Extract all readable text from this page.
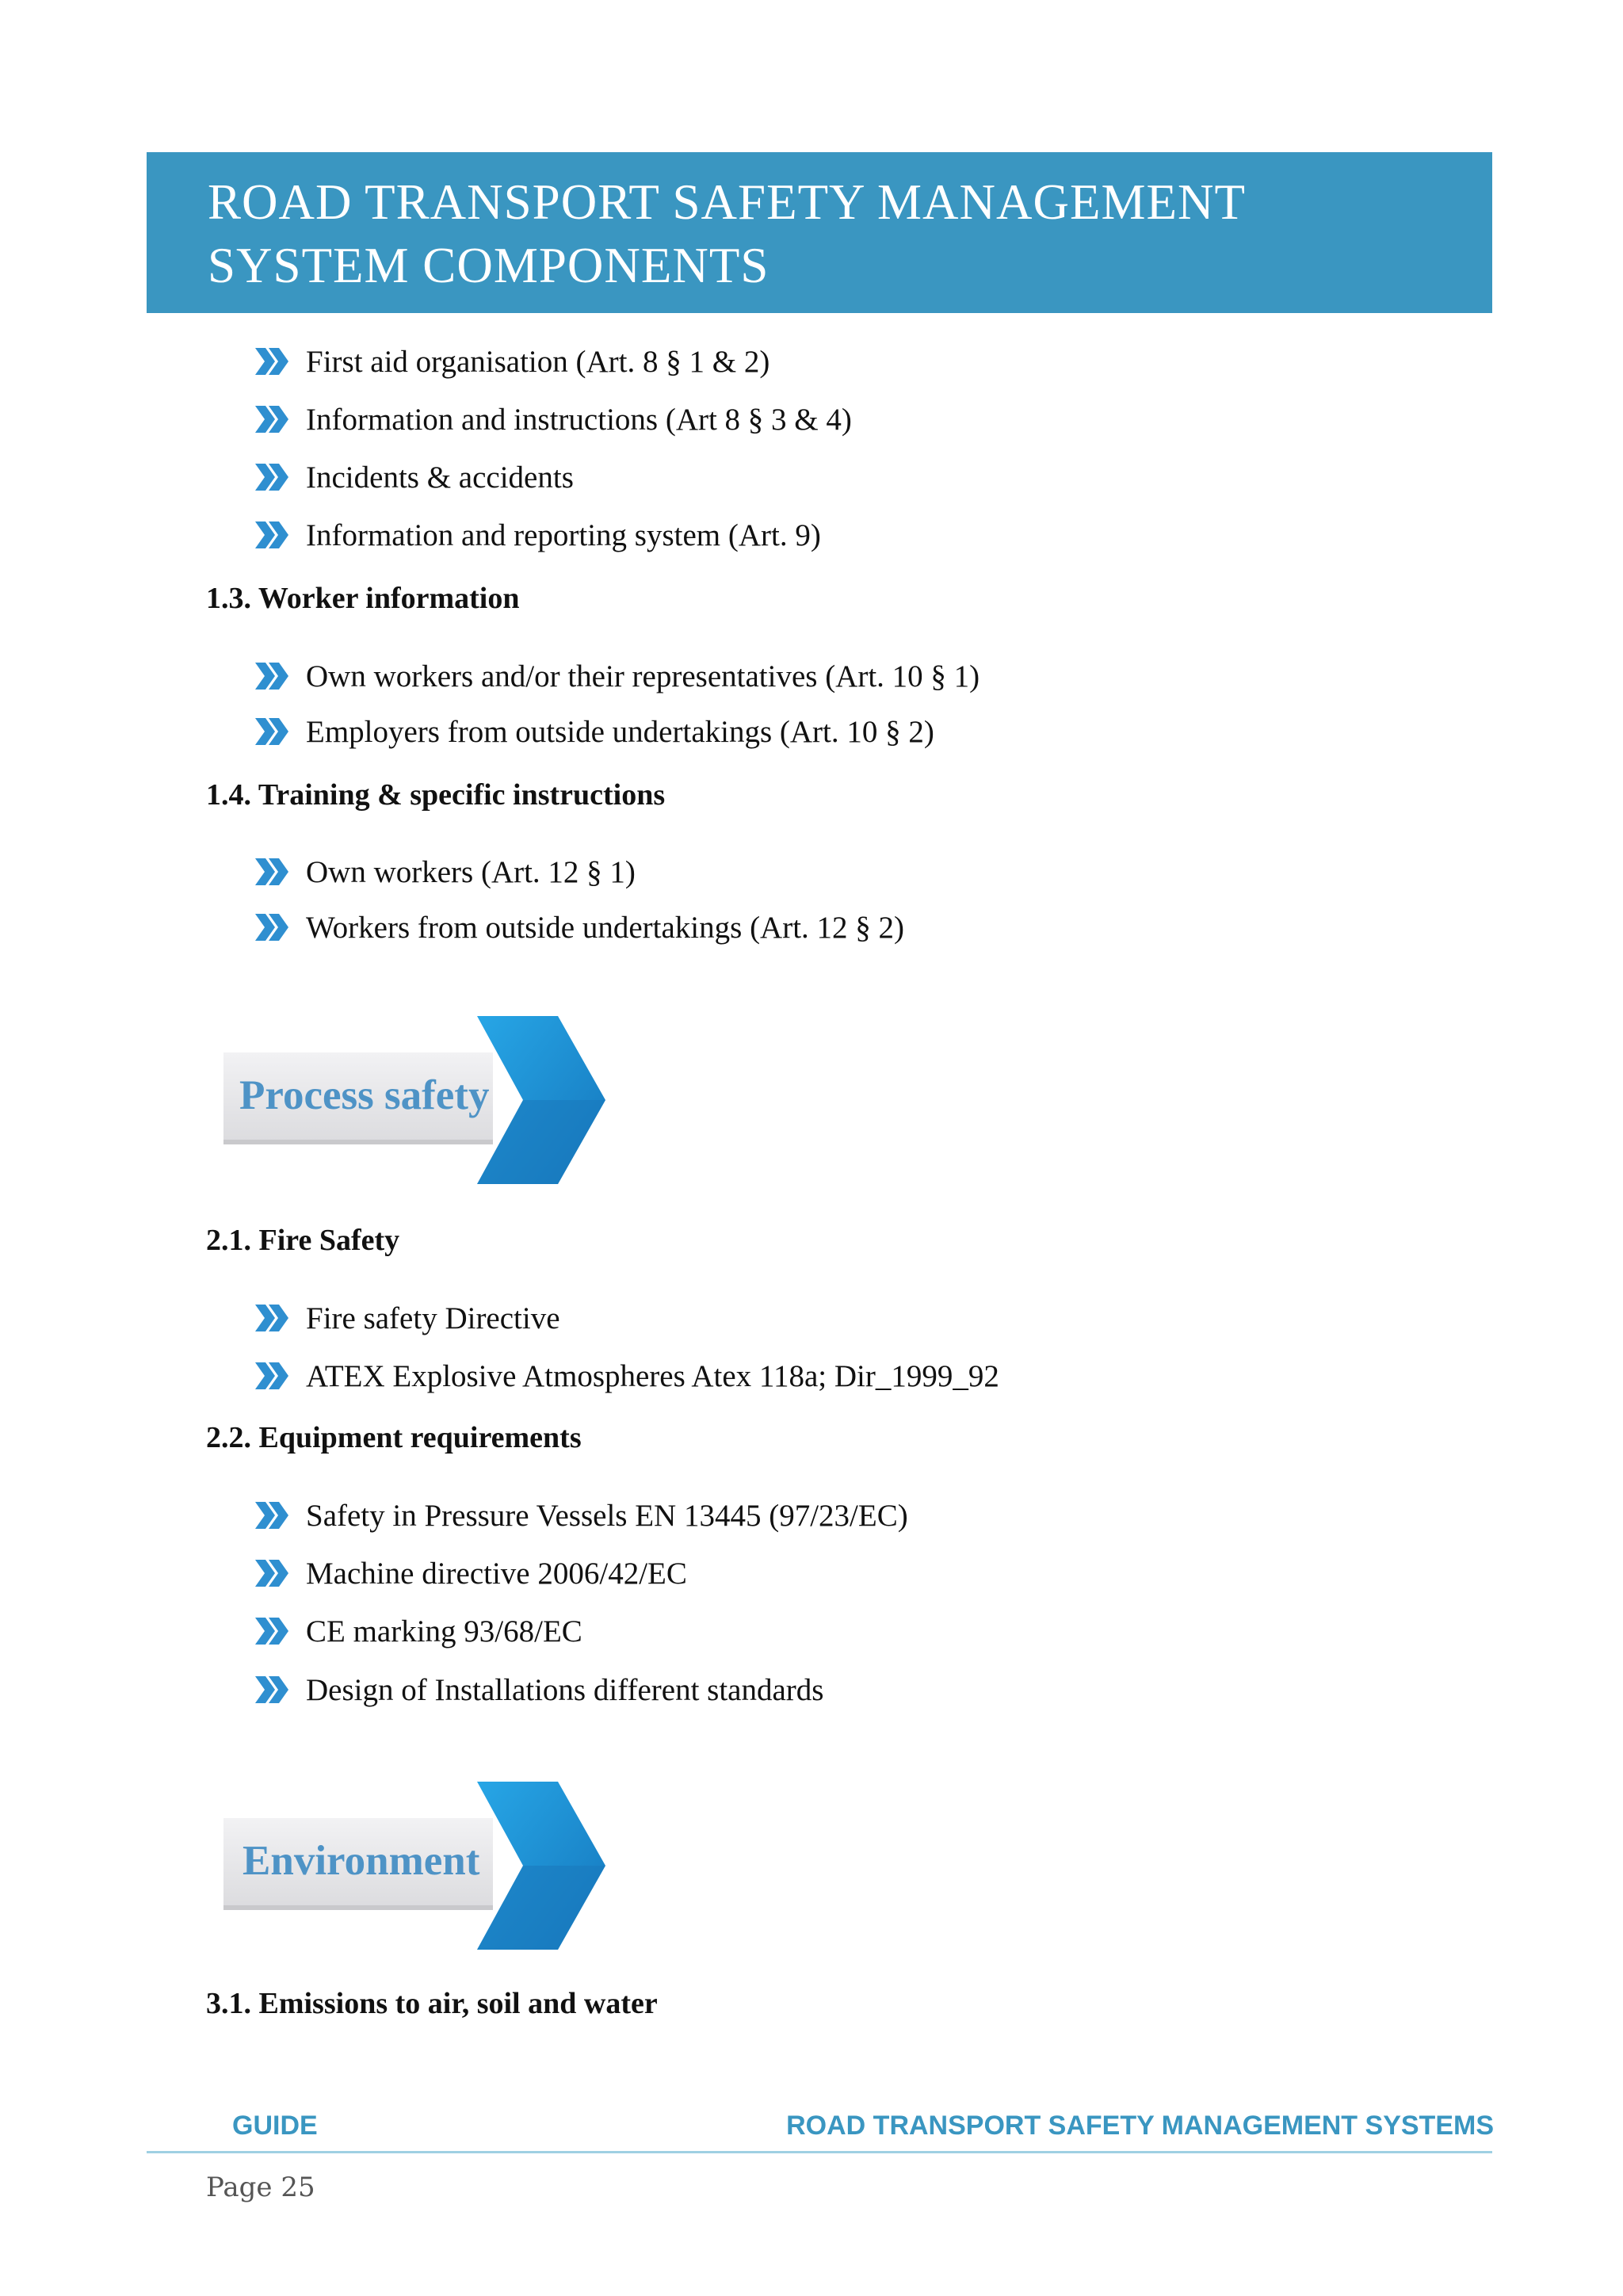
ROAD TRANSPORT SAFETY MANAGEMENT
SYSTEM COMPONENTS
First aid organisation (Art. 8 § 1 & 2)
Information and instructions (Art 8 § 3 & 4)
Incidents & accidents
Information and reporting system (Art. 9)
1.3. Worker information
Own workers and/or their representatives (Art. 10 § 1)
Employers from outside undertakings (Art. 10 § 2)
1.4. Training & specific instructions
Own workers (Art. 12 § 1)
Workers from outside undertakings (Art. 12 § 2)
Process safety
2.1. Fire Safety
Fire safety Directive
ATEX Explosive Atmospheres Atex 118a; Dir_1999_92
2.2. Equipment requirements
Safety in Pressure Vessels EN 13445 (97/23/EC)
Machine directive 2006/42/EC
CE marking 93/68/EC
Design of Installations different standards
Environment
3.1. Emissions to air, soil and water
GUIDE	ROAD TRANSPORT SAFETY MANAGEMENT SYSTEMS
Page 25
